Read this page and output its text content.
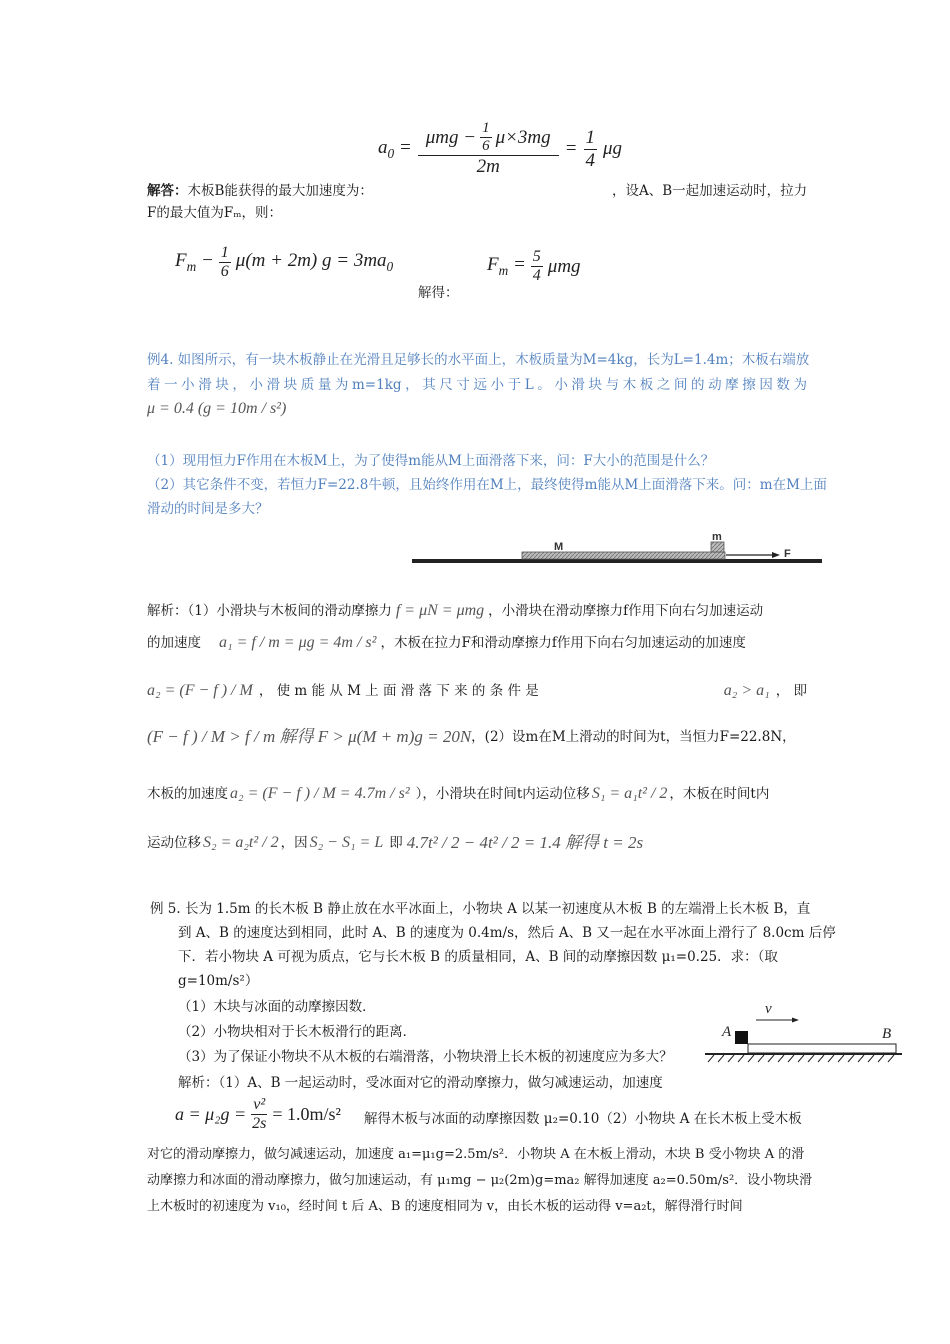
解答：木板B能获得的最大加速度为：
$a_0 = \frac{\mu mg - \frac{1}{6} \mu\times 3mg}{2m} = \frac{1}{4}$ μg
，设A、B一起加速运动时，拉力
F的最大值为Fₘ，则：
$F_m - \frac{1}{6} \mu(m + 2m) g = 3ma_0$
解得：
$F_m = \frac{5}{4}$ μmg
例4. 如图所示，有一块木板静止在光滑且足够长的水平面上，木板质量为M=4kg，长为L=1.4m；木板右端放
着一小滑块，小滑块质量为m=1kg，其尺寸远小于L。小滑块与木板之间的动摩擦因数为
μ = 0.4 (g = 10m / s²)
（1）现用恒力F作用在木板M上，为了使得m能从M上面滑落下来，问：F大小的范围是什么？
（2）其它条件不变，若恒力F=22.8牛顿，且始终作用在M上，最终使得m能从M上面滑落下来。问：m在M上面
滑动的时间是多大？
M
m
F
解析：（1）小滑块与木板间的滑动摩擦力 f = μN = μmg ，小滑块在滑动摩擦力f作用下向右匀加速运动
的加速度 a₁ = f / m = μg = 4m / s² ，木板在拉力F和滑动摩擦力f作用下向右匀加速运动的加速度
a₂ = (F − f ) / M ， 使 m 能 从 M 上 面 滑 落 下 来 的 条 件 是	a₂ > a₁ ， 即
(F − f ) / M > f / m 解得 F > μ(M + m)g = 20N ，(2）设m在M上滑动的时间为t，当恒力F=22.8N，
木板的加速度 a₂ = (F − f ) / M = 4.7m / s² ），小滑块在时间t内运动位移 S₁ = a₁t² / 2 ，木板在时间t内
运动位移 S₂ = a₂t² / 2 ，因 S₂ − S₁ = L 即 4.7t² / 2 − 4t² / 2 = 1.4 解得 t = 2s
例 5. 长为 1.5m 的长木板 B 静止放在水平冰面上，小物块 A 以某一初速度从木板 B 的左端滑上长木板 B，直
到 A、B 的速度达到相同，此时 A、B 的速度为 0.4m/s，然后 A、B 又一起在水平冰面上滑行了 8.0cm 后停
下．若小物块 A 可视为质点，它与长木板 B 的质量相同，A、B 间的动摩擦因数 μ₁=0.25．求：（取
g=10m/s²）
（1）木块与冰面的动摩擦因数．
（2）小物块相对于长木板滑行的距离．
（3）为了保证小物块不从木板的右端滑落，小物块滑上长木板的初速度应为多大？
解析：（1）A、B 一起运动时，受冰面对它的滑动摩擦力，做匀减速运动，加速度
v
A	B
$a = \mu_2g = \frac{\text{v²}}{2s} = 1.0m/s^2$ 解得木板与冰面的动摩擦因数 μ₂=0.10（2）小物块 A 在长木板上受木板
对它的滑动摩擦力，做匀减速运动，加速度 a₁=μ₁g=2.5m/s²．小物块 A 在木板上滑动，木块 B 受小物块 A 的滑
动摩擦力和冰面的滑动摩擦力，做匀加速运动，有 μ₁mg − μ₂(2m)g=ma₂ 解得加速度 a₂=0.50m/s²．设小物块滑
上木板时的初速度为 v₁₀，经时间 t 后 A、B 的速度相同为 v，由长木板的运动得 v=a₂t，解得滑行时间
